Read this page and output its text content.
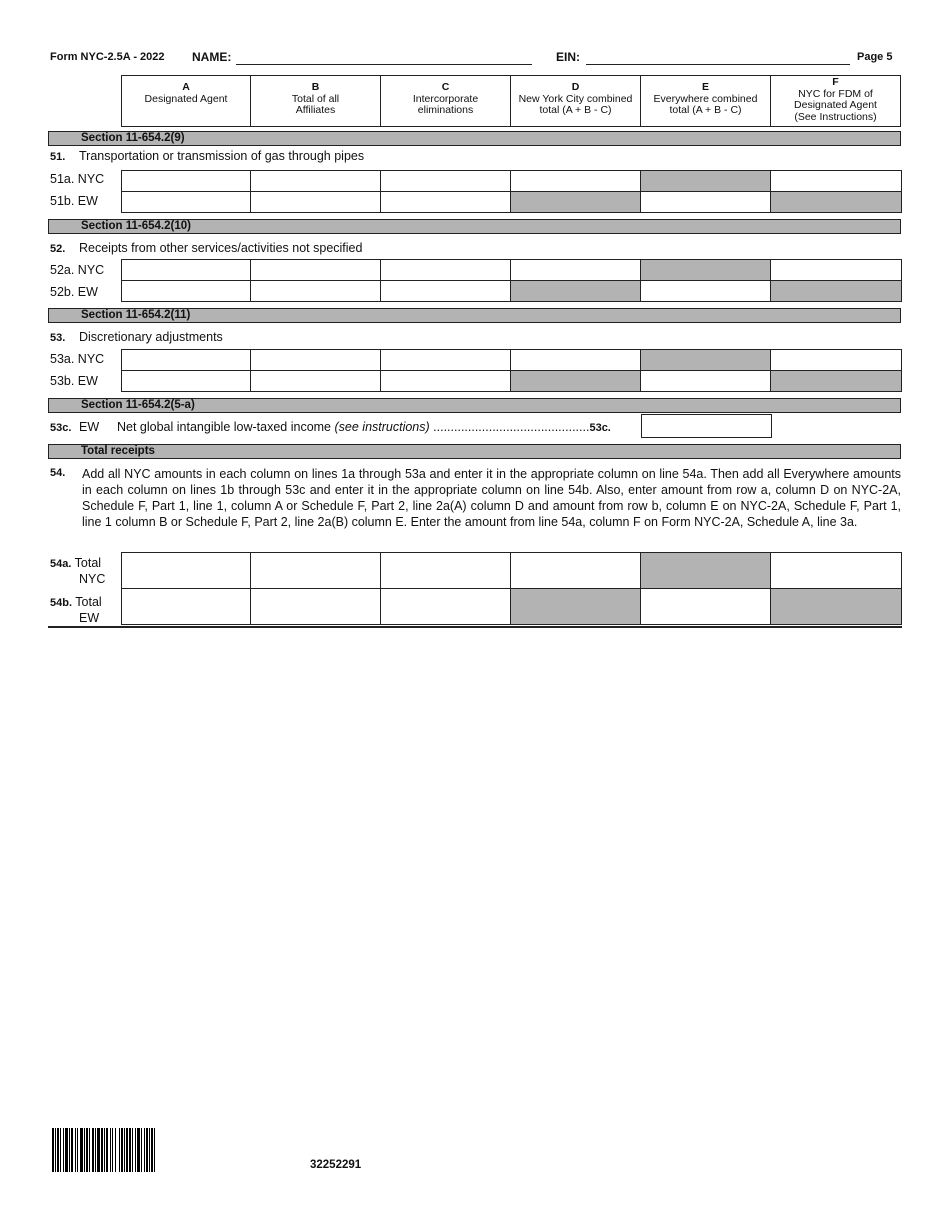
Form NYC-2.5A - 2022 NAME:	EIN:	Page 5
A
Designated Agent
B
Total of all Affiliates
C
Intercorporate eliminations
D
New York City combined total (A + B - C)
E
Everywhere combined total (A + B - C)
F
NYC for FDM of Designated Agent (See Instructions)
Section 11-654.2(9)
51. Transportation or transmission of gas through pipes
51a. NYC
51b. EW
Section 11-654.2(10)
52. Receipts from other services/activities not specified
52a. NYC
52b. EW
Section 11-654.2(11)
53. Discretionary adjustments
53a. NYC
53b. EW
Section 11-654.2(5-a)
53c. EW Net global intangible low-taxed income (see instructions) .............................................53c.
Total receipts
54. Add all NYC amounts in each column on lines 1a through 53a and enter it in the appropriate column on line 54a. Then add all Everywhere amounts in each column on lines 1b through 53c and enter it in the appropriate column on line 54b. Also, enter amount from row a, column D on NYC-2A, Schedule F, Part 1, line 1, column A or Schedule F, Part 2, line 2a(A) column D and amount from row b, column E on NYC-2A, Schedule F, Part 1, line 1 column B or Schedule F, Part 2, line 2a(B) column E. Enter the amount from line 54a, column F on Form NYC-2A, Schedule A, line 3a.
54a. Total
NYC
54b. Total
EW
32252291
